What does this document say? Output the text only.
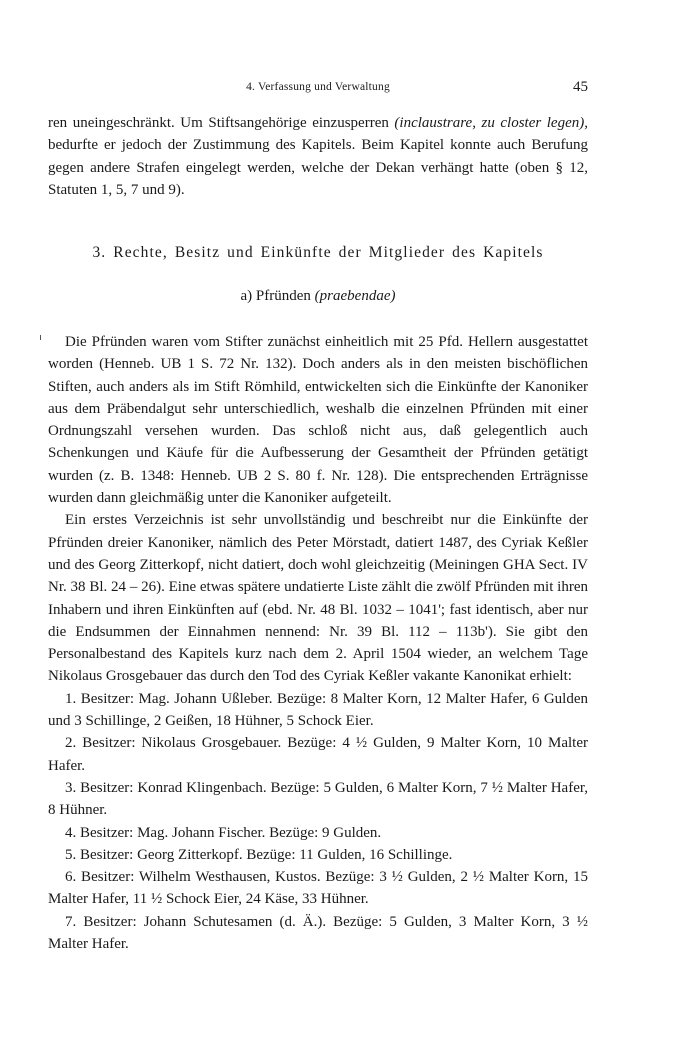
4. Verfassung und Verwaltung	45

ren uneingeschränkt. Um Stiftsangehörige einzusperren (inclaustrare, zu closter legen), bedurfte er jedoch der Zustimmung des Kapitels. Beim Kapitel konnte auch Berufung gegen andere Strafen eingelegt werden, welche der Dekan verhängt hatte (oben § 12, Statuten 1, 5, 7 und 9).

3. Rechte, Besitz und Einkünfte der Mitglieder des Kapitels
a) Pfründen (praebendae)

Die Pfründen waren vom Stifter zunächst einheitlich mit 25 Pfd. Hellern ausgestattet worden (Henneb. UB 1 S. 72 Nr. 132). Doch anders als in den meisten bischöflichen Stiften, auch anders als im Stift Römhild, entwickelten sich die Einkünfte der Kanoniker aus dem Präbendalgut sehr unterschiedlich, weshalb die einzelnen Pfründen mit einer Ordnungszahl versehen wurden. Das schloß nicht aus, daß gelegentlich auch Schenkungen und Käufe für die Aufbesserung der Gesamtheit der Pfründen getätigt wurden (z. B. 1348: Henneb. UB 2 S. 80 f. Nr. 128). Die entsprechenden Erträgnisse wurden dann gleichmäßig unter die Kanoniker aufgeteilt.

Ein erstes Verzeichnis ist sehr unvollständig und beschreibt nur die Einkünfte der Pfründen dreier Kanoniker, nämlich des Peter Mörstadt, datiert 1487, des Cyriak Keßler und des Georg Zitterkopf, nicht datiert, doch wohl gleichzeitig (Meiningen GHA Sect. IV Nr. 38 Bl. 24 – 26). Eine etwas spätere undatierte Liste zählt die zwölf Pfründen mit ihren Inhabern und ihren Einkünften auf (ebd. Nr. 48 Bl. 1032 – 1041'; fast identisch, aber nur die Endsummen der Einnahmen nennend: Nr. 39 Bl. 112 – 113b'). Sie gibt den Personalbestand des Kapitels kurz nach dem 2. April 1504 wieder, an welchem Tage Nikolaus Grosgebauer das durch den Tod des Cyriak Keßler vakante Kanonikat erhielt:

1. Besitzer: Mag. Johann Ußleber. Bezüge: 8 Malter Korn, 12 Malter Hafer, 6 Gulden und 3 Schillinge, 2 Geißen, 18 Hühner, 5 Schock Eier.

2. Besitzer: Nikolaus Grosgebauer. Bezüge: 4 ½ Gulden, 9 Malter Korn, 10 Malter Hafer.

3. Besitzer: Konrad Klingenbach. Bezüge: 5 Gulden, 6 Malter Korn, 7 ½ Malter Hafer, 8 Hühner.

4. Besitzer: Mag. Johann Fischer. Bezüge: 9 Gulden.

5. Besitzer: Georg Zitterkopf. Bezüge: 11 Gulden, 16 Schillinge.

6. Besitzer: Wilhelm Westhausen, Kustos. Bezüge: 3 ½ Gulden, 2 ½ Malter Korn, 15 Malter Hafer, 11 ½ Schock Eier, 24 Käse, 33 Hühner.

7. Besitzer: Johann Schutesamen (d. Ä.). Bezüge: 5 Gulden, 3 Malter Korn, 3 ½ Malter Hafer.
